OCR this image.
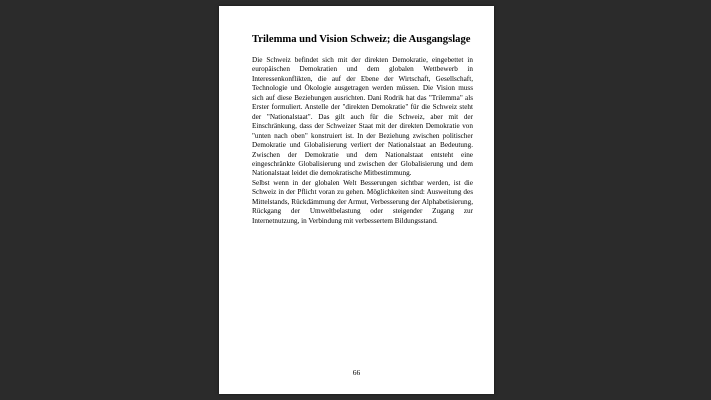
Trilemma und Vision Schweiz; die Ausgangslage

Die Schweiz befindet sich mit der direkten Demokratie, eingebettet in europäischen Demokratien und dem globalen Wettbewerb in Interessenkonflikten, die auf der Ebene der Wirtschaft, Gesellschaft, Technologie und Ökologie ausgetragen werden müssen. Die Vision muss sich auf diese Beziehungen ausrichten. Dani Rodrik hat das "Trilemma" als Erster formuliert. Anstelle der "direkten Demokratie" für die Schweiz steht der "Nationalstaat". Das gilt auch für die Schweiz, aber mit der Einschränkung, dass der Schweizer Staat mit der direkten Demokratie von "unten nach oben" konstruiert ist. In der Beziehung zwischen politischer Demokratie und Globalisierung verliert der Nationalstaat an Bedeutung. Zwischen der Demokratie und dem Nationalstaat entsteht eine eingeschränkte Globalisierung und zwischen der Globalisierung und dem Nationalstaat leidet die demokratische Mitbestimmung.

Selbst wenn in der globalen Welt Besserungen sichtbar werden, ist die Schweiz in der Pflicht voran zu gehen. Möglichkeiten sind: Ausweitung des Mittelstands, Rückdämmung der Armut, Verbesserung der Alphabetisierung, Rückgang der Umweltbelastung oder steigender Zugang zur Internetnutzung, in Verbindung mit verbessertem Bildungsstand.

66
